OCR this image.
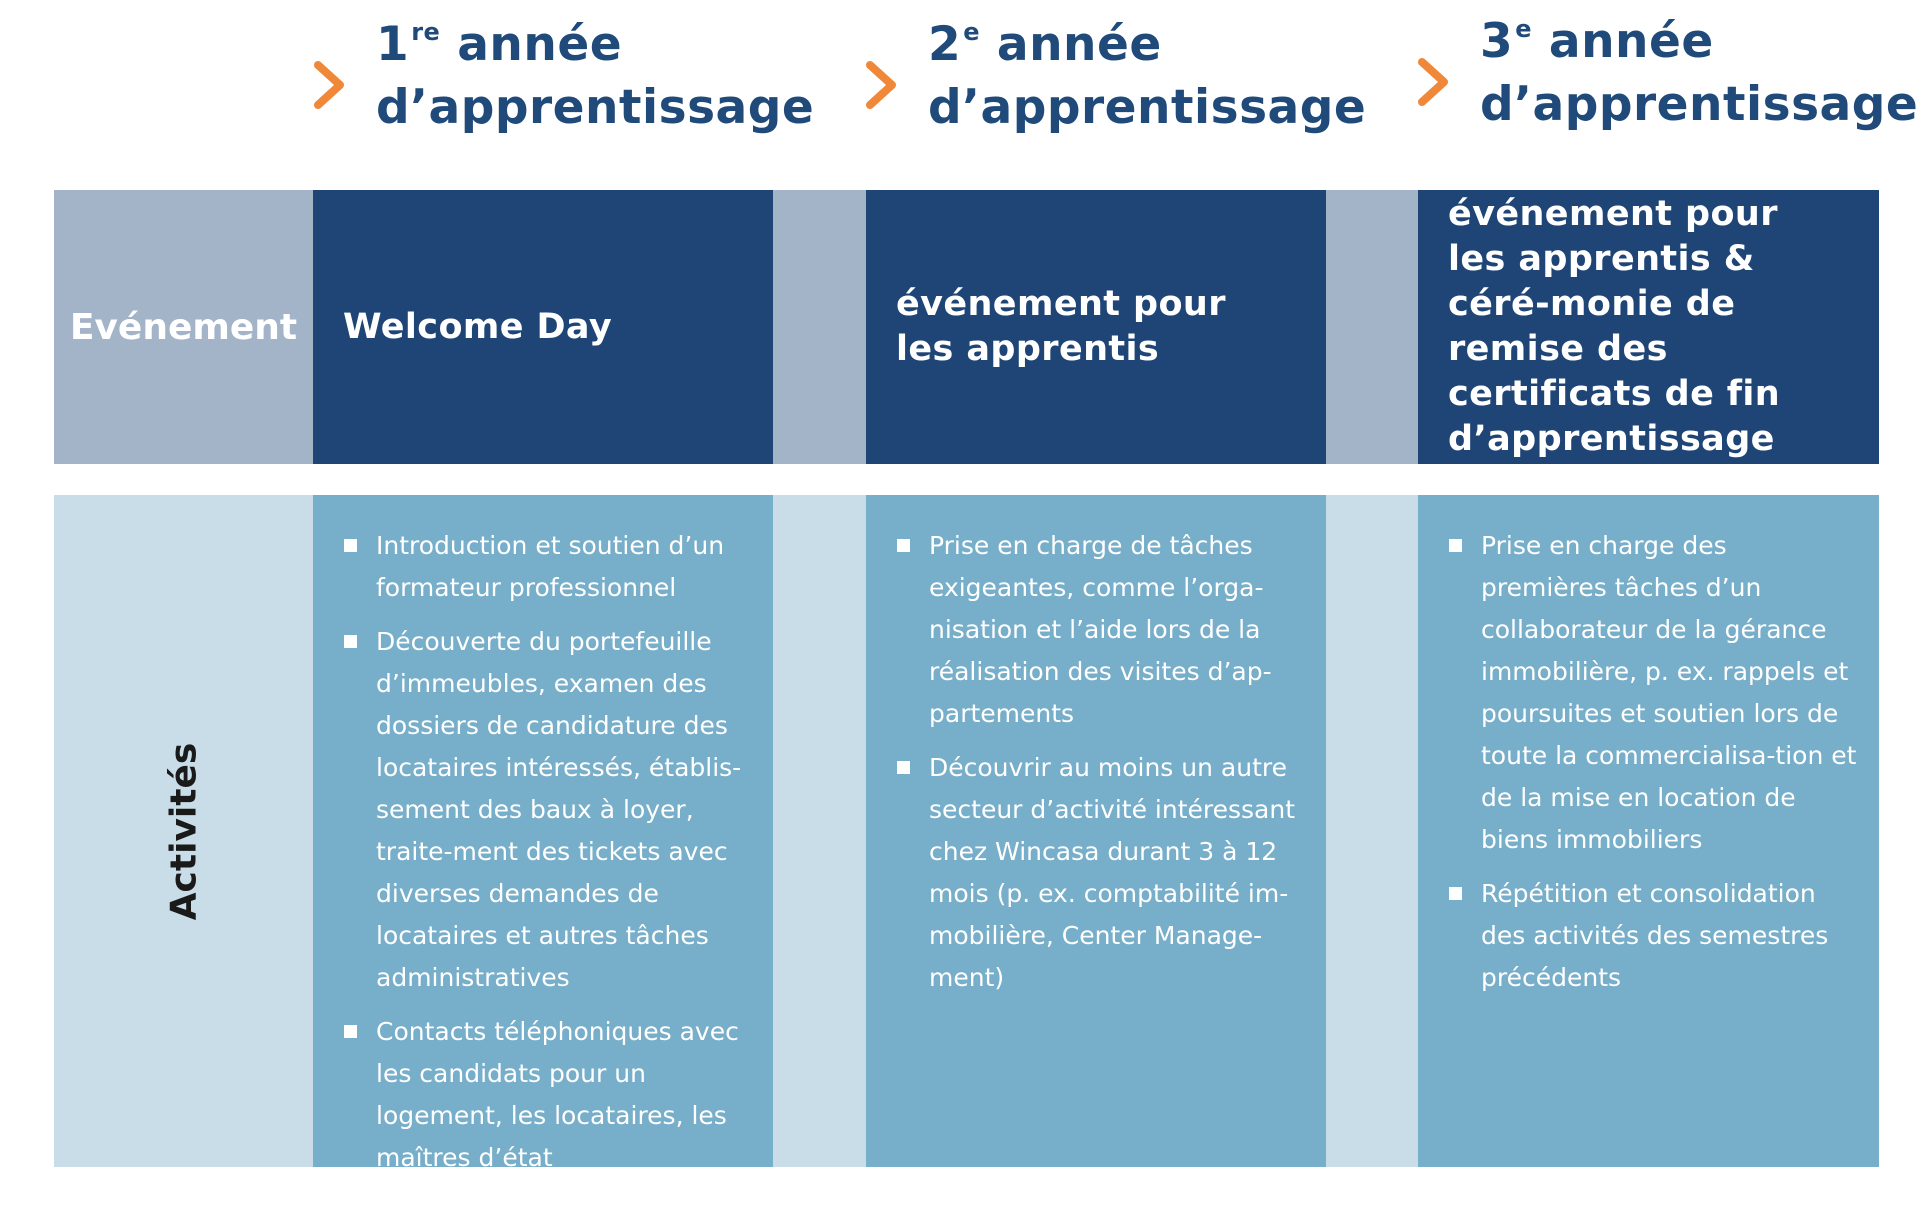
1re année
d’apprentissage
2e année
d’apprentissage
3e année
d’apprentissage
Evénement
Activités
Welcome Day
événement pour les apprentis
événement pour les apprentis & céré-monie de remise des certificats de fin d’apprentissage
Introduction et soutien d’un formateur professionnel
Découverte du portefeuille d’immeubles, examen des dossiers de candidature des locataires intéressés, établis-sement des baux à loyer, traite-ment des tickets avec diverses demandes de locataires et autres tâches administratives
Contacts téléphoniques avec les candidats pour un logement, les locataires, les maîtres d’état
Prise en charge de tâches exigeantes, comme l’orga-nisation et l’aide lors de la réalisation des visites d’ap-partements
Découvrir au moins un autre secteur d’activité intéressant chez Wincasa durant 3 à 12 mois (p. ex. comptabilité im-mobilière, Center Manage-ment)
Prise en charge des premières tâches d’un collaborateur de la gérance immobilière, p. ex. rappels et poursuites et soutien lors de toute la commercialisa-tion et de la mise en location de biens immobiliers
Répétition et consolidation des activités des semestres précédents
